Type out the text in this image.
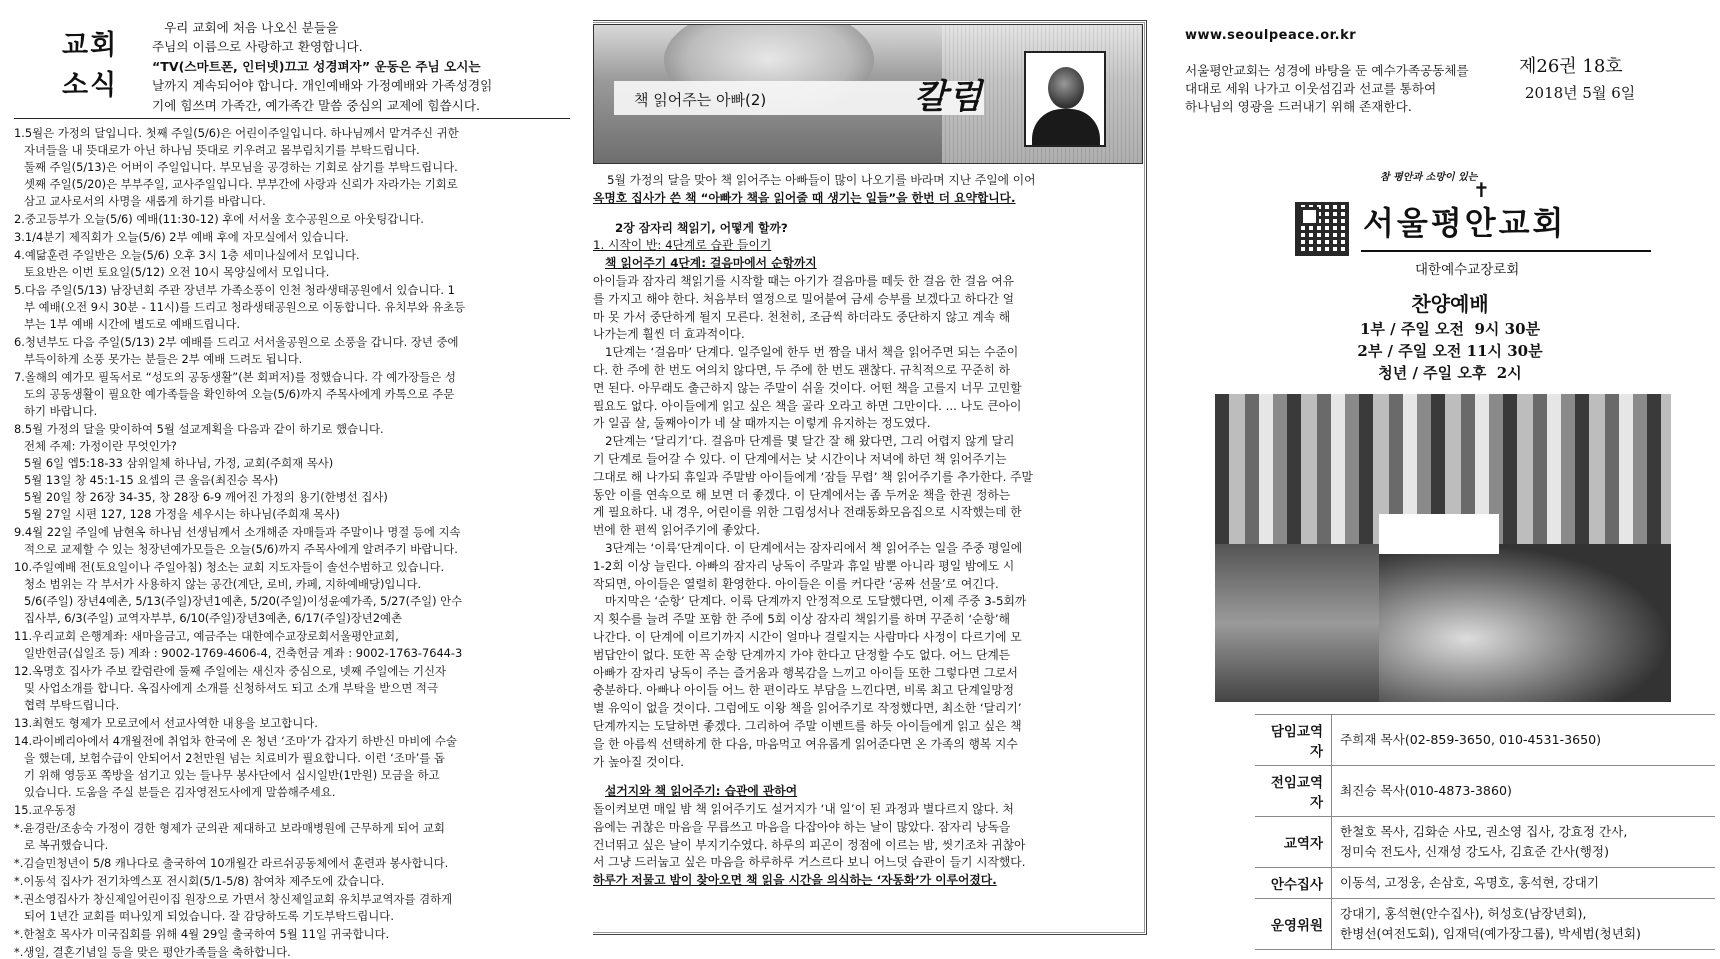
교회
소식
우리 교회에 처음 나오신 분들을
주님의 이름으로 사랑하고 환영합니다.
“TV(스마트폰, 인터넷)끄고 성경펴자” 운동은 주님 오시는
날까지 계속되어야 합니다. 개인예배와 가정예배와 가족성경읽
기에 힘쓰며 가족간, 예가족간 말씀 중심의 교제에 힘씁시다.
1.5월은 가정의 달입니다. 첫째 주일(5/6)은 어린이주일입니다. 하나님께서 맡겨주신 귀한
자녀들을 내 뜻대로가 아닌 하나님 뜻대로 키우려고 몸부림치기를 부탁드립니다.
둘째 주일(5/13)은 어버이 주일입니다. 부모님을 공경하는 기회로 삼기를 부탁드립니다.
셋째 주일(5/20)은 부부주일, 교사주일입니다. 부부간에 사랑과 신뢰가 자라가는 기회로
삼고 교사로서의 사명을 새롭게 하기를 바랍니다.
2.중고등부가 오늘(5/6) 예배(11:30-12) 후에 서서울 호수공원으로 아웃팅갑니다.
3.1/4분기 제직회가 오늘(5/6) 2부 예배 후에 자모실에서 있습니다.
4.예닮훈련 주일반은 오늘(5/6) 오후 3시 1층 세미나실에서 모입니다.
토요반은 이번 토요일(5/12) 오전 10시 목양실에서 모입니다.
5.다음 주일(5/13) 남장년회 주관 장년부 가족소풍이 인천 청라생태공원에서 있습니다. 1
부 예배(오전 9시 30분 - 11시)를 드리고 청라생태공원으로 이동합니다. 유치부와 유초등
부는 1부 예배 시간에 별도로 예배드립니다.
6.청년부도 다음 주일(5/13) 2부 예배를 드리고 서서울공원으로 소풍을 갑니다. 장년 중에
부득이하게 소풍 못가는 분들은 2부 예배 드려도 됩니다.
7.올해의 예가모 필독서로 “성도의 공동생활”(본 회퍼저)를 정했습니다. 각 예가장들은 성
도의 공동생활이 필요한 예가족들을 확인하여 오늘(5/6)까지 주목사에게 카톡으로 주문
하기 바랍니다.
8.5월 가정의 달을 맞이하여 5월 설교계획을 다음과 같이 하기로 했습니다.
전체 주제: 가정이란 무엇인가?
5월 6일 엡5:18-33 삼위일체 하나님, 가정, 교회(주희재 목사)
5월 13일 창 45:1-15 요셉의 큰 울음(최진승 목사)
5월 20일 창 26장 34-35, 창 28장 6-9 깨어진 가정의 용기(한병선 집사)
5월 27일 시편 127, 128 가정을 세우시는 하나님(주희재 목사)
9.4월 22일 주일에 남현옥 하나님 선생님께서 소개해준 자매들과 주말이나 명절 등에 지속
적으로 교제할 수 있는 청장년예가모들은 오늘(5/6)까지 주목사에게 알려주기 바랍니다.
10.주일예배 전(토요일이나 주일아침) 청소는 교회 지도자들이 솔선수범하고 있습니다.
청소 범위는 각 부서가 사용하지 않는 공간(계단, 로비, 카페, 지하예배당)입니다.
5/6(주일) 장년4예촌, 5/13(주일)장년1예촌, 5/20(주일)이성윤예가족, 5/27(주일) 안수
집사부, 6/3(주일) 교역자부부, 6/10(주일)장년3예촌, 6/17(주일)장년2예촌
11.우리교회 은행계좌: 새마을금고, 예금주는 대한예수교장로회서울평안교회,
일반헌금(십일조 등) 계좌 : 9002-1769-4606-4, 건축헌금 계좌 : 9002-1763-7644-3
12.옥명호 집사가 주보 칼럼란에 둘째 주일에는 새신자 중심으로, 넷째 주일에는 기신자
및 사업소개를 합니다. 옥집사에게 소개를 신청하셔도 되고 소개 부탁을 받으면 적극
협력 부탁드립니다.
13.최현도 형제가 모로코에서 선교사역한 내용을 보고합니다.
14.라이베리아에서 4개월전에 취업차 한국에 온 청년 ‘조마’가 갑자기 하반신 마비에 수술
을 했는데, 보험수급이 안되어서 2천만원 넘는 치료비가 필요합니다. 이런 ‘조마’를 돕
기 위해 영등포 쪽방을 섬기고 있는 들나무 봉사단에서 십시일반(1만원) 모금을 하고
있습니다. 도움을 주실 분들은 김자영전도사에게 말씀해주세요.
15.교우동정
*.윤경란/조송숙 가정이 경한 형제가 군의관 제대하고 보라매병원에 근무하게 되어 교회
로 복귀했습니다.
*.김슬민청년이 5/8 캐나다로 출국하여 10개월간 라르쉬공동체에서 훈련과 봉사합니다.
*.이동석 집사가 전기차엑스포 전시회(5/1-5/8) 참여차 제주도에 갔습니다.
*.권소영집사가 창신제일어린이집 원장으로 가면서 창신제일교회 유치부교역자를 겸하게
되어 1년간 교회를 떠나있게 되었습니다. 잘 감당하도록 기도부탁드립니다.
*.한철호 목사가 미국집회를 위해 4월 29일 출국하여 5월 11일 귀국합니다.
*.생일, 결혼기념일 등을 맞은 평안가족들을 축하합니다.
책 읽어주는 아빠(2)	칼럼
5월 가정의 달을 맞아 책 읽어주는 아빠들이 많이 나오기를 바라며 지난 주일에 이어
옥명호 집사가 쓴 책 “아빠가 책을 읽어줄 때 생기는 일들”을 한번 더 요약합니다.
2장 잠자리 책읽기, 어떻게 할까?
1. 시작이 반: 4단계로 습관 들이기
책 읽어주기 4단계: 걸음마에서 순항까지
아이들과 잠자리 책읽기를 시작할 때는 아기가 걸음마를 떼듯 한 걸음 한 걸음 여유
를 가지고 해야 한다. 처음부터 열정으로 밀어붙여 금세 승부를 보겠다고 하다간 얼
마 못 가서 중단하게 될지 모른다. 천천히, 조금씩 하더라도 중단하지 않고 계속 해
나가는게 훨씬 더 효과적이다.
1단계는 ‘걸음마’ 단계다. 일주일에 한두 번 짬을 내서 책을 읽어주면 되는 수준이
다. 한 주에 한 번도 여의치 않다면, 두 주에 한 번도 괜찮다. 규칙적으로 꾸준히 하
면 된다. 아무래도 출근하지 않는 주말이 쉬울 것이다. 어떤 책을 고를지 너무 고민할
필요도 없다. 아이들에게 읽고 싶은 책을 골라 오라고 하면 그만이다. ... 나도 큰아이
가 일곱 살, 둘째아이가 네 살 때까지는 이렇게 유지하는 정도였다.
2단계는 ‘달리기’다. 걸음마 단계를 몇 달간 잘 해 왔다면, 그리 어렵지 않게 달리
기 단계로 들어갈 수 있다. 이 단계에서는 낮 시간이나 저녁에 하던 책 읽어주기는
그대로 해 나가되 휴일과 주말밤 아이들에게 ‘잠들 무렵’ 책 읽어주기를 추가한다. 주말
동안 이를 연속으로 해 보면 더 좋겠다. 이 단계에서는 좀 두꺼운 책을 한권 정하는
게 필요하다. 내 경우, 어린이를 위한 그림성서나 전래동화모음집으로 시작했는데 한
번에 한 편씩 읽어주기에 좋았다.
3단계는 ‘이륙’단계이다. 이 단계에서는 잠자리에서 책 읽어주는 일을 주중 평일에
1-2회 이상 늘린다. 아빠의 잠자리 낭독이 주말과 휴일 밤뿐 아니라 평일 밤에도 시
작되면, 아이들은 열렬히 환영한다. 아이들은 이를 커다란 ‘공짜 선물’로 여긴다.
마지막은 ‘순항’ 단계다. 이륙 단계까지 안정적으로 도달했다면, 이제 주중 3-5회까
지 횟수를 늘려 주말 포함 한 주에 5회 이상 잠자리 책읽기를 하며 꾸준히 ‘순항’해
나간다. 이 단계에 이르기까지 시간이 얼마나 걸릴지는 사람마다 사정이 다르기에 모
범답안이 없다. 또한 꼭 순항 단계까지 가야 한다고 단정할 수도 없다. 어느 단계든
아빠가 잠자리 낭독이 주는 즐거움과 행복감을 느끼고 아이들 또한 그렇다면 그로서
충분하다. 아빠나 아이들 어느 한 편이라도 부담을 느낀다면, 비록 최고 단계일망정
별 유익이 없을 것이다. 그럼에도 이왕 책을 읽어주기로 작정했다면, 최소한 ‘달리기’
단계까지는 도달하면 좋겠다. 그리하여 주말 이벤트를 하듯 아이들에게 읽고 싶은 책
을 한 아름씩 선택하게 한 다음, 마음먹고 여유롭게 읽어준다면 온 가족의 행복 지수
가 높아질 것이다.
설거지와 책 읽어주기: 습관에 관하여
돌이켜보면 매일 밤 책 읽어주기도 설거지가 ‘내 일’이 된 과정과 별다르지 않다. 처
음에는 귀찮은 마음을 무릅쓰고 마음을 다잡아야 하는 날이 많았다. 잠자리 낭독을
건너뛰고 싶은 날이 부지기수였다. 하루의 피곤이 정점에 이르는 밤, 씻기조차 귀찮아
서 그냥 드러눕고 싶은 마음을 하루하루 거스르다 보니 어느덧 습관이 들기 시작했다.
하루가 저물고 밤이 찾아오면 책 읽을 시간을 의식하는 ‘자동화’가 이루어졌다.
www.seoulpeace.or.kr
서울평안교회는 성경에 바탕을 둔 예수가족공동체를
대대로 세워 나가고 이웃섬김과 선교를 통하여
하나님의 영광을 드러내기 위해 존재한다.
제26권 18호
2018년 5월 6일
참 평안과 소망이 있는
✝
서울평안교회
대한예수교장로회
찬양예배
1부 / 주일 오전  9시 30분
2부 / 주일 오전 11시 30분
청년 / 주일 오후  2시
담임교역자	주희재 목사(02-859-3650, 010-4531-3650)

전임교역자	최진승 목사(010-4873-3860)

교역자	한철호 목사, 김화순 사모, 권소영 집사, 강효정 간사,
정미숙 전도사, 신재성 강도사, 김효준 간사(행정)

안수집사	이동석, 고정웅, 손삼호, 옥명호, 홍석현, 강대기

운영위원	강대기, 홍석현(안수집사), 허성호(남장년회),
한병선(여전도회), 임재덕(예가장그룹), 박세범(청년회)
